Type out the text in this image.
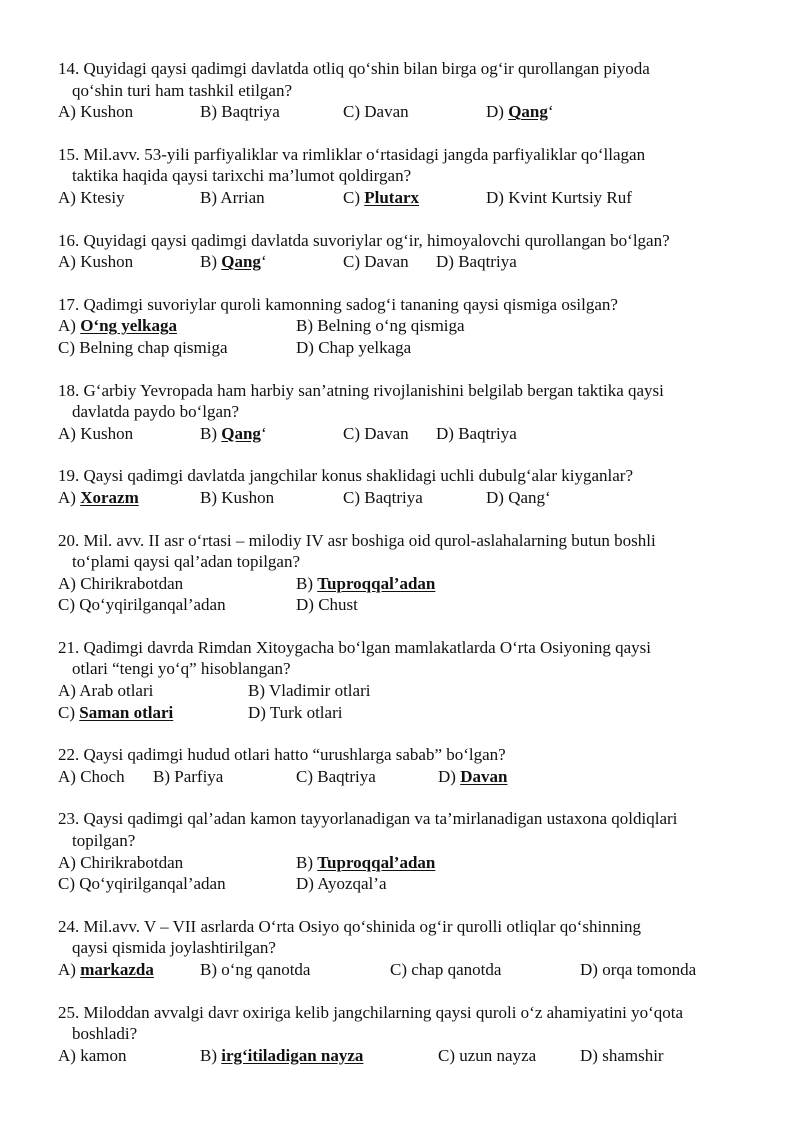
14. Quyidagi qaysi qadimgi davlatda otliq qo‘shin bilan birga og‘ir qurollangan piyoda
qo‘shin turi ham tashkil etilgan?

A) Kushon	B) Baqtriya	C) Davan	D) Qang‘

15. Mil.avv. 53-yili parfiyaliklar va rimliklar o‘rtasidagi jangda parfiyaliklar qo‘llagan
taktika haqida qaysi tarixchi ma’lumot qoldirgan?

A) Ktesiy	B) Arrian	C) Plutarx	D) Kvint Kurtsiy Ruf

16. Quyidagi qaysi qadimgi davlatda suvoriylar og‘ir, himoyalovchi qurollangan bo‘lgan?

A) Kushon	B) Qang‘	C) Davan D) Baqtriya

17. Qadimgi suvoriylar quroli kamonning sadog‘i tananing qaysi qismiga osilgan?

A) O‘ng yelkaga	B) Belning o‘ng qismiga
C) Belning chap qismiga	D) Chap yelkaga

18. G‘arbiy Yevropada ham harbiy san’atning rivojlanishini belgilab bergan taktika qaysi
davlatda paydo bo‘lgan?

A) Kushon	B) Qang‘	C) Davan D) Baqtriya

19. Qaysi qadimgi davlatda jangchilar konus shaklidagi uchli dubulg‘alar kiyganlar?

A) Xorazm	B) Kushon	C) Baqtriya	D) Qang‘

20. Mil. avv. II asr o‘rtasi – milodiy IV asr boshiga oid qurol-aslahalarning butun boshli
to‘plami qaysi qal’adan topilgan?

A) Chirikrabotdan	B) Tuproqqal’adan
C) Qo‘yqirilganqal’adan	D) Chust

21. Qadimgi davrda Rimdan Xitoygacha bo‘lgan mamlakatlarda O‘rta Osiyoning qaysi
otlari “tengi yo‘q” hisoblangan?

A) Arab otlari	B) Vladimir otlari
C) Saman otlari	D) Turk otlari

22. Qaysi qadimgi hudud otlari hatto “urushlarga sabab” bo‘lgan?

A) Choch B) Parfiya	C) Baqtriya	D) Davan

23. Qaysi qadimgi qal’adan kamon tayyorlanadigan va ta’mirlanadigan ustaxona qoldiqlari
topilgan?

A) Chirikrabotdan	B) Tuproqqal’adan
C) Qo‘yqirilganqal’adan	D) Ayozqal’a

24. Mil.avv. V – VII asrlarda O‘rta Osiyo qo‘shinida og‘ir qurolli otliqlar qo‘shinning
qaysi qismida joylashtirilgan?

A) markazda	B) o‘ng qanotda	C) chap qanotda	D) orqa tomonda

25. Miloddan avvalgi davr oxiriga kelib jangchilarning qaysi quroli o‘z ahamiyatini yo‘qota
boshladi?

A) kamon	B) irg‘itiladigan nayza	C) uzun nayza	D) shamshir
